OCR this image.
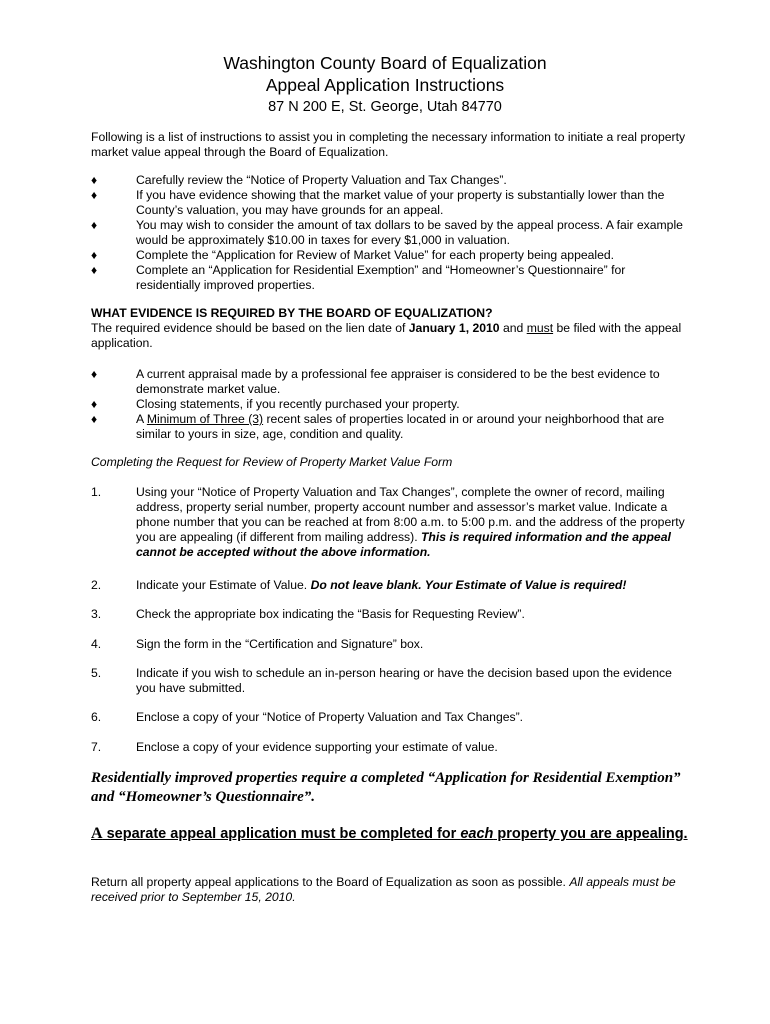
Washington County Board of Equalization
Appeal Application Instructions
87 N 200 E, St. George, Utah 84770
Following is a list of instructions to assist you in completing the necessary information to initiate a real property market value appeal through the Board of Equalization.
♦	Carefully review the “Notice of Property Valuation and Tax Changes”.
♦	If you have evidence showing that the market value of your property is substantially lower than the County’s valuation, you may have grounds for an appeal.
♦	You may wish to consider the amount of tax dollars to be saved by the appeal process. A fair example would be approximately $10.00 in taxes for every $1,000 in valuation.
♦	Complete the “Application for Review of Market Value” for each property being appealed.
♦	Complete an “Application for Residential Exemption” and “Homeowner’s Questionnaire” for residentially improved properties.
WHAT EVIDENCE IS REQUIRED BY THE BOARD OF EQUALIZATION?
The required evidence should be based on the lien date of January 1, 2010 and must be filed with the appeal application.
♦	A current appraisal made by a professional fee appraiser is considered to be the best evidence to demonstrate market value.
♦	Closing statements, if you recently purchased your property.
♦	A Minimum of Three (3) recent sales of properties located in or around your neighborhood that are similar to yours in size, age, condition and quality.
Completing the Request for Review of Property Market Value Form
1.	Using your “Notice of Property Valuation and Tax Changes”, complete the owner of record, mailing address, property serial number, property account number and assessor’s market value. Indicate a phone number that you can be reached at from 8:00 a.m. to 5:00 p.m. and the address of the property you are appealing (if different from mailing address). This is required information and the appeal cannot be accepted without the above information.
2.	Indicate your Estimate of Value. Do not leave blank. Your Estimate of Value is required!
3.	Check the appropriate box indicating the “Basis for Requesting Review”.
4.	Sign the form in the “Certification and Signature” box.
5.	Indicate if you wish to schedule an in-person hearing or have the decision based upon the evidence you have submitted.
6.	Enclose a copy of your “Notice of Property Valuation and Tax Changes”.
7.	Enclose a copy of your evidence supporting your estimate of value.
Residentially improved properties require a completed “Application for Residential Exemption” and “Homeowner’s Questionnaire”.
A separate appeal application must be completed for each property you are appealing.
Return all property appeal applications to the Board of Equalization as soon as possible. All appeals must be received prior to September 15, 2010.
